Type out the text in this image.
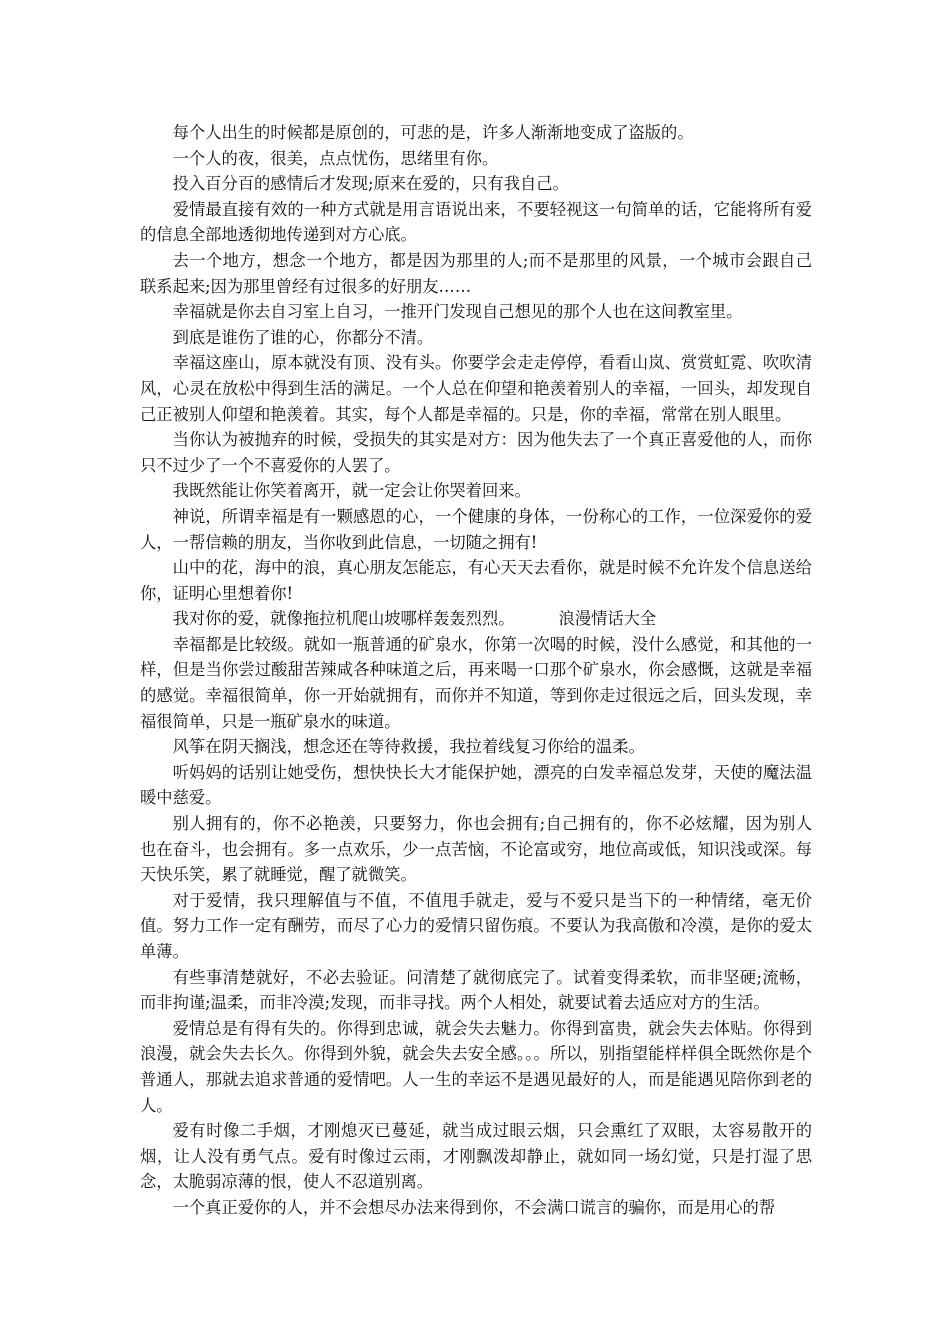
每个人出生的时候都是原创的，可悲的是，许多人渐渐地变成了盗版的。

一个人的夜，很美，点点忧伤，思绪里有你。

投入百分百的感情后才发现;原来在爱的，只有我自己。

爱情最直接有效的一种方式就是用言语说出来，不要轻视这一句简单的话，它能将所有爱的信息全部地透彻地传递到对方心底。

去一个地方，想念一个地方，都是因为那里的人;而不是那里的风景，一个城市会跟自己联系起来;因为那里曾经有过很多的好朋友……

幸福就是你去自习室上自习，一推开门发现自己想见的那个人也在这间教室里。

到底是谁伤了谁的心，你都分不清。

幸福这座山，原本就没有顶、没有头。你要学会走走停停，看看山岚、赏赏虹霓、吹吹清风，心灵在放松中得到生活的满足。一个人总在仰望和艳羡着别人的幸福，一回头，却发现自己正被别人仰望和艳羡着。其实，每个人都是幸福的。只是，你的幸福，常常在别人眼里。

当你认为被抛弃的时候，受损失的其实是对方：因为他失去了一个真正喜爱他的人，而你只不过少了一个不喜爱你的人罢了。

我既然能让你笑着离开，就一定会让你哭着回来。

神说，所谓幸福是有一颗感恩的心，一个健康的身体，一份称心的工作，一位深爱你的爱人，一帮信赖的朋友，当你收到此信息，一切随之拥有!

山中的花，海中的浪，真心朋友怎能忘，有心天天去看你，就是时候不允许发个信息送给你，证明心里想着你!

我对你的爱，就像拖拉机爬山坡哪样轰轰烈烈。	浪漫情话大全

幸福都是比较级。就如一瓶普通的矿泉水，你第一次喝的时候，没什么感觉，和其他的一样，但是当你尝过酸甜苦辣咸各种味道之后，再来喝一口那个矿泉水，你会感慨，这就是幸福的感觉。幸福很简单，你一开始就拥有，而你并不知道，等到你走过很远之后，回头发现，幸福很简单，只是一瓶矿泉水的味道。

风筝在阴天搁浅，想念还在等待救援，我拉着线复习你给的温柔。

听妈妈的话别让她受伤，想快快长大才能保护她，漂亮的白发幸福总发芽，天使的魔法温暖中慈爱。

别人拥有的，你不必艳羡，只要努力，你也会拥有;自己拥有的，你不必炫耀，因为别人也在奋斗，也会拥有。多一点欢乐，少一点苦恼，不论富或穷，地位高或低，知识浅或深。每天快乐笑，累了就睡觉，醒了就微笑。

对于爱情，我只理解值与不值，不值甩手就走，爱与不爱只是当下的一种情绪，毫无价值。努力工作一定有酬劳，而尽了心力的爱情只留伤痕。不要认为我高傲和冷漠，是你的爱太单薄。

有些事清楚就好，不必去验证。问清楚了就彻底完了。试着变得柔软，而非坚硬;流畅，而非拘谨;温柔，而非冷漠;发现，而非寻找。两个人相处，就要试着去适应对方的生活。

爱情总是有得有失的。你得到忠诚，就会失去魅力。你得到富贵，就会失去体贴。你得到浪漫，就会失去长久。你得到外貌，就会失去安全感。。。所以，别指望能样样俱全既然你是个普通人，那就去追求普通的爱情吧。人一生的幸运不是遇见最好的人，而是能遇见陪你到老的人。

爱有时像二手烟，才刚熄灭已蔓延，就当成过眼云烟，只会熏红了双眼，太容易散开的烟，让人没有勇气点。爱有时像过云雨，才刚飘泼却静止，就如同一场幻觉，只是打湿了思念，太脆弱凉薄的恨，使人不忍道别离。

一个真正爱你的人，并不会想尽办法来得到你，不会满口谎言的骗你，而是用心的帮
